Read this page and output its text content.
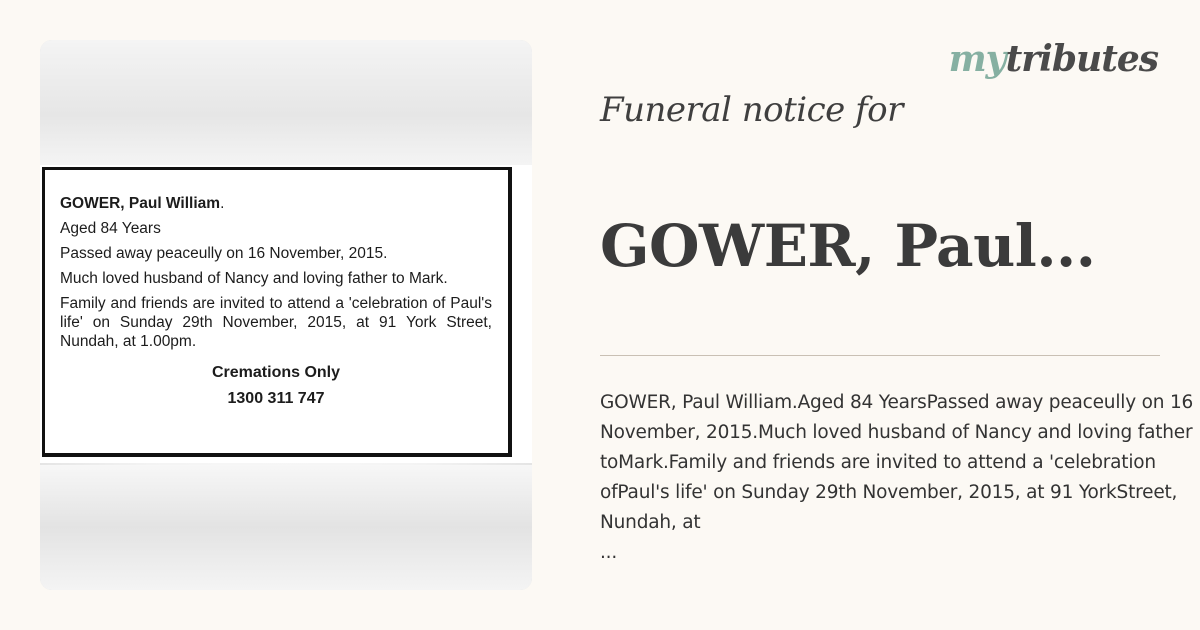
GOWER, Paul William.

Aged 84 Years

Passed away peaceully on 16 November, 2015.

Much loved husband of Nancy and loving father to Mark.

Family and friends are invited to attend a 'celebration of Paul's life' on Sunday 29th November, 2015, at 91 York Street, Nundah, at 1.00pm.

Cremations Only

1300 311 747

mytributes
Funeral notice for
GOWER, Paul...
GOWER, Paul William.Aged 84 YearsPassed away peaceully on 16 November, 2015.Much loved husband of Nancy and loving father toMark.Family and friends are invited to attend a 'celebration ofPaul's life' on Sunday 29th November, 2015, at 91 YorkStreet, Nundah, at
...
